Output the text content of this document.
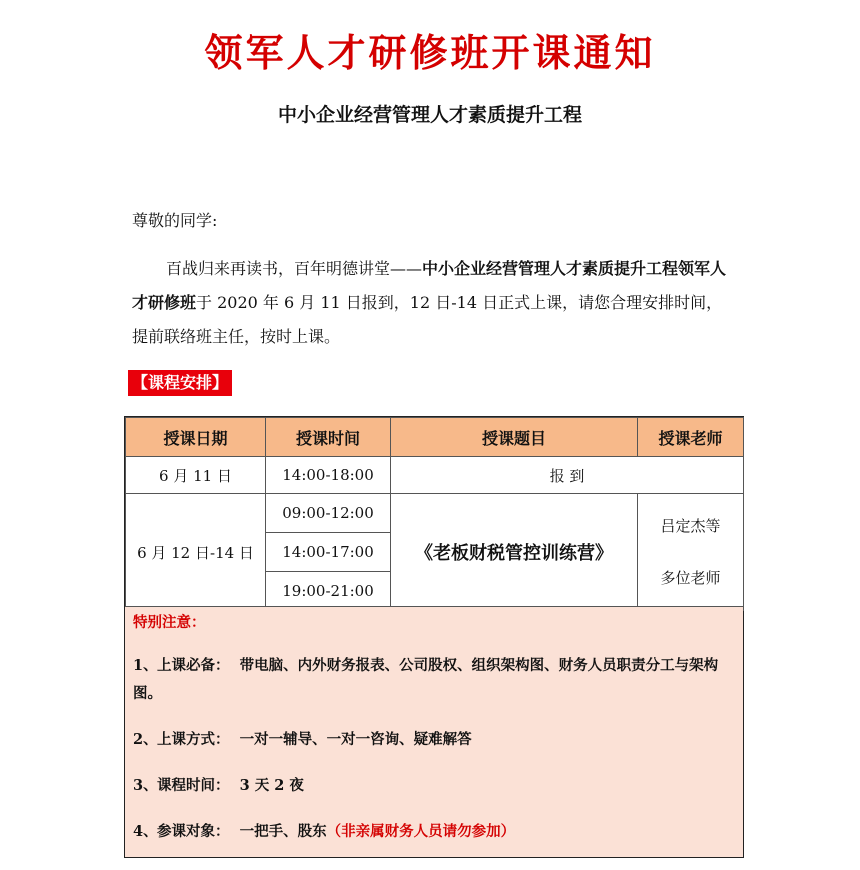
领军人才研修班开课通知
中小企业经营管理人才素质提升工程
尊敬的同学:

百战归来再读书，百年明德讲堂——中小企业经营管理人才素质提升工程领军人才研修班于 2020 年 6 月 11 日报到，12 日-14 日正式上课，请您合理安排时间，提前联络班主任，按时上课。

【课程安排】
授课日期	授课时间	授课题目	授课老师
6 月 11 日	14:00-18:00	报 到	
6 月 12 日-14 日	09:00-12:00	《老板财税管控训练营》	吕定杰等
多位老师

	14:00-17:00		
	19:00-21:00		
特别注意：
1、上课必备： 带电脑、内外财务报表、公司股权、组织架构图、财务人员职责分工与架构图。
2、上课方式： 一对一辅导、一对一咨询、疑难解答
3、课程时间： 3 天 2 夜
4、参课对象： 一把手、股东（非亲属财务人员请勿参加）
